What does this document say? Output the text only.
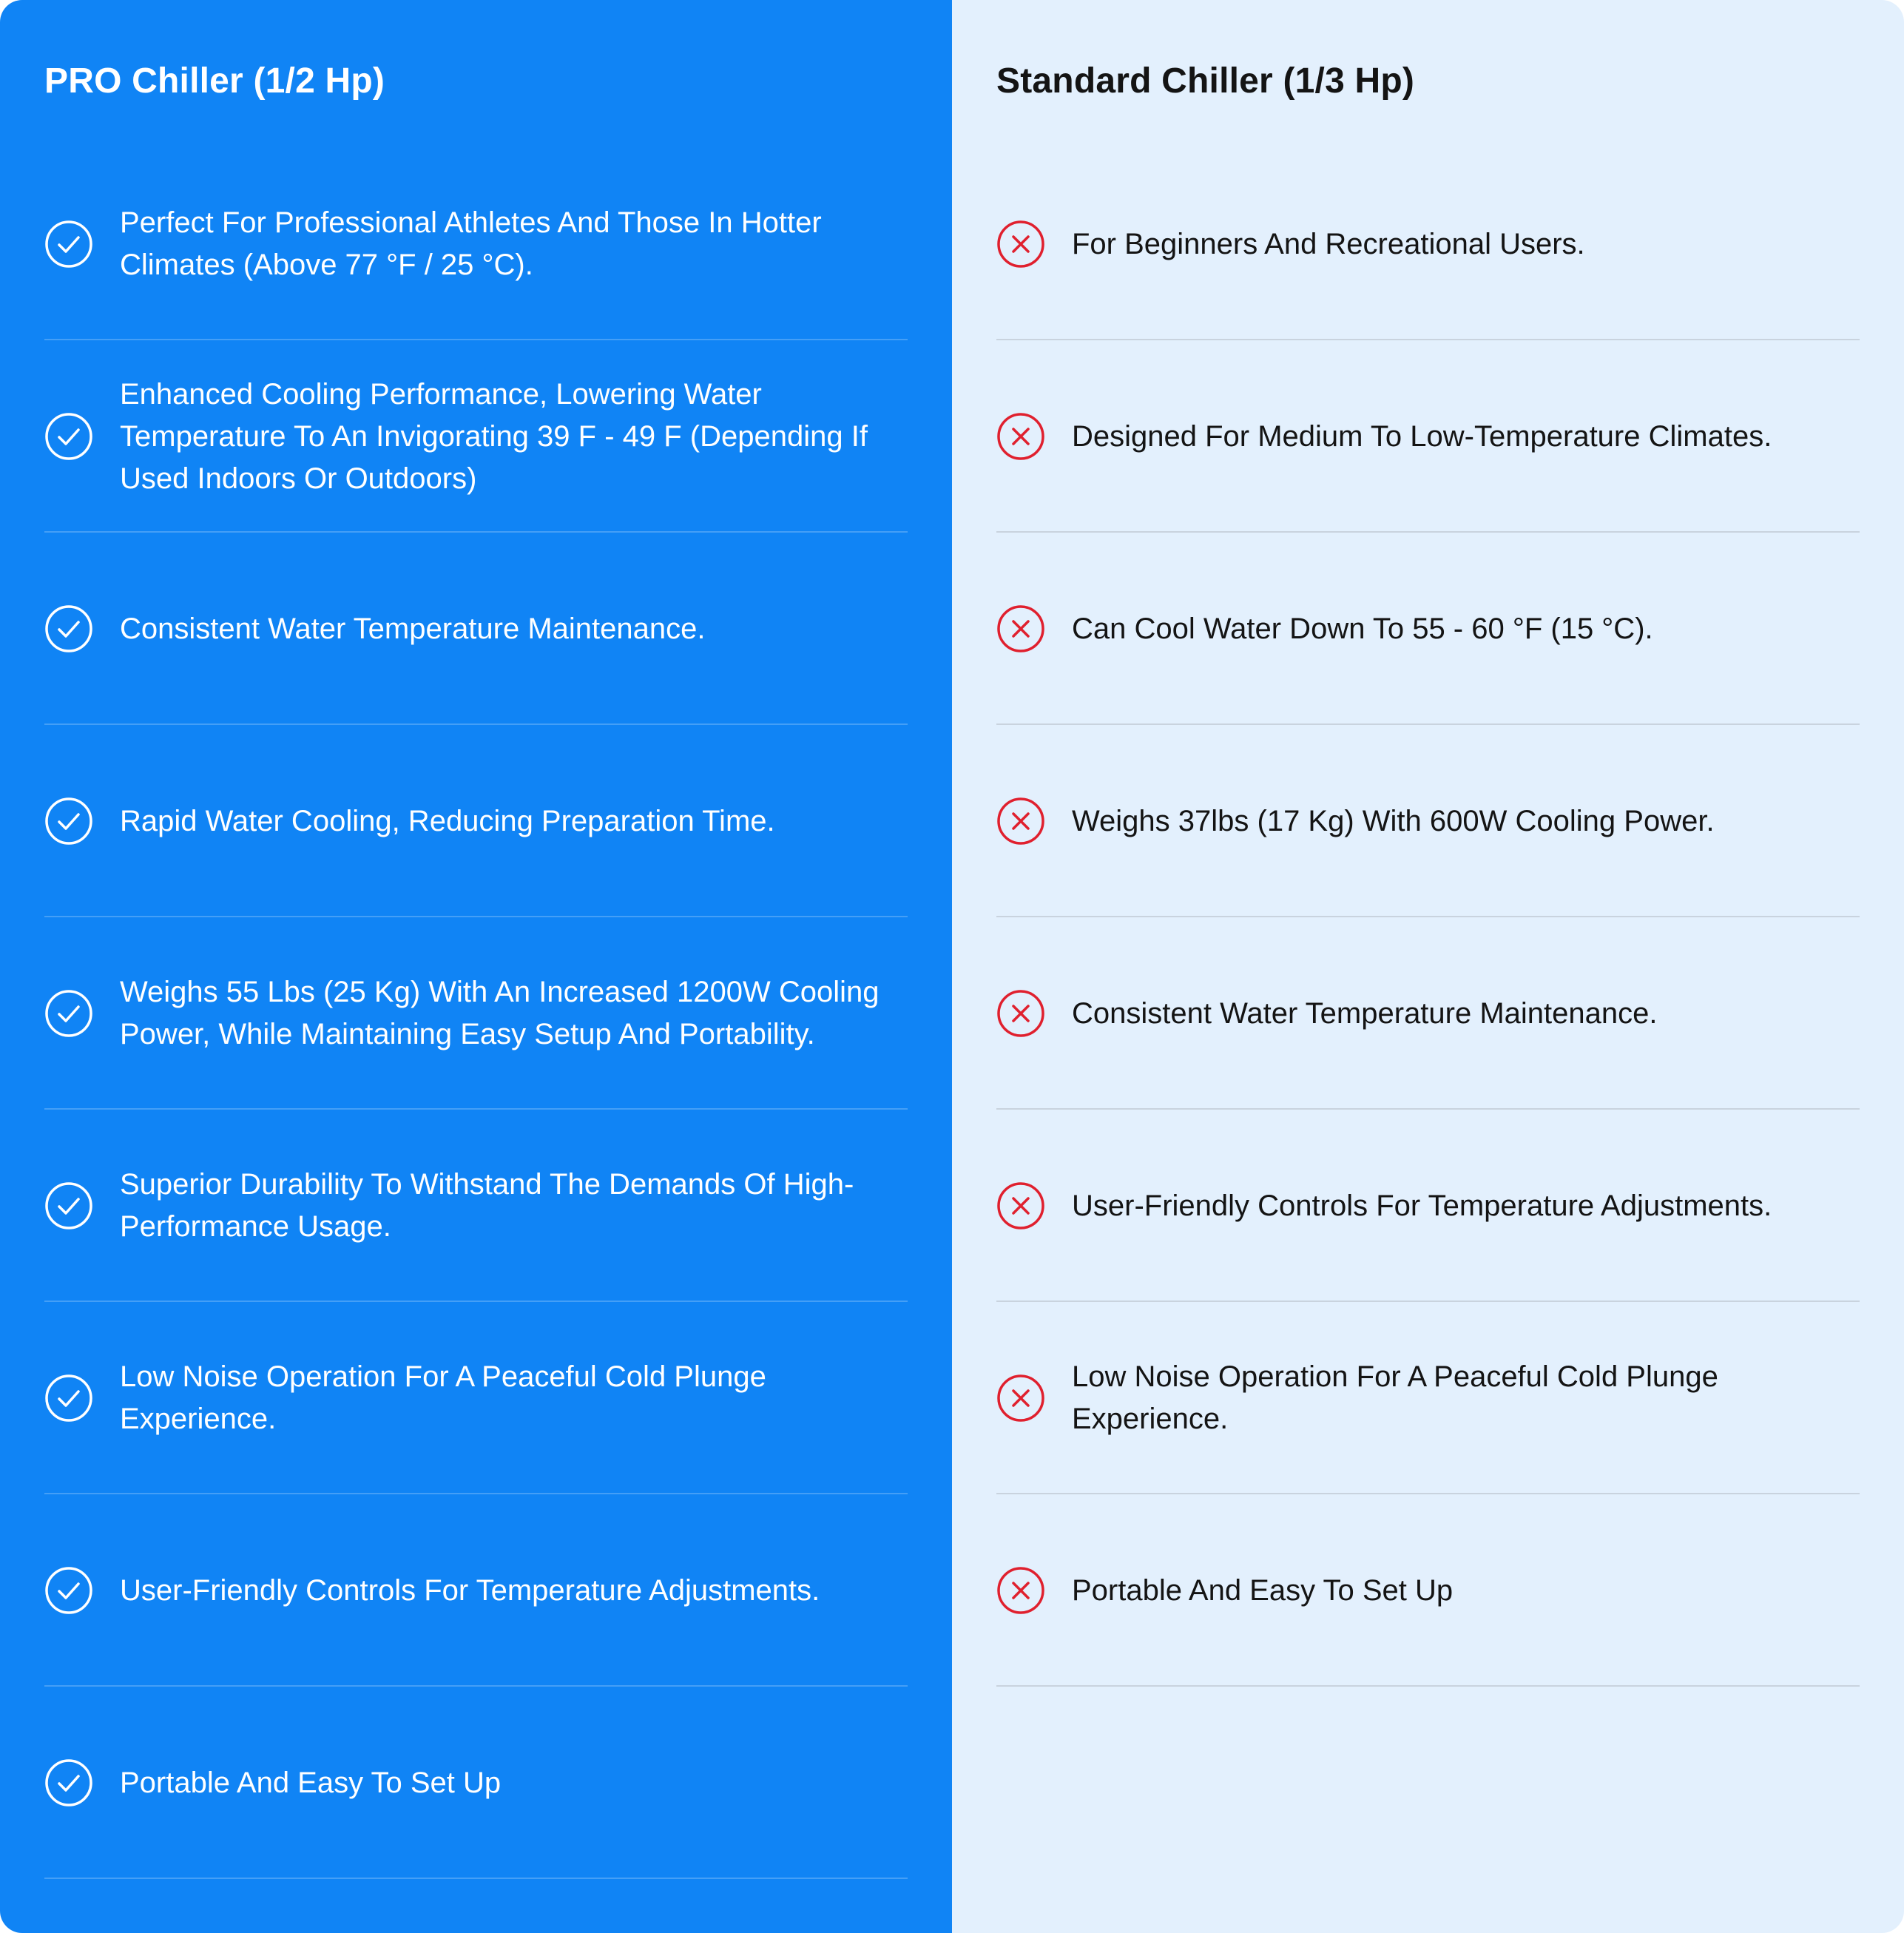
PRO Chiller (1/2 Hp)
Perfect For Professional Athletes And Those In Hotter Climates (Above 77 °F / 25 °C).
Enhanced Cooling Performance, Lowering Water Temperature To An Invigorating 39 F - 49 F (Depending If Used Indoors Or Outdoors)
Consistent Water Temperature Maintenance.
Rapid Water Cooling, Reducing Preparation Time.
Weighs 55 Lbs (25 Kg) With An Increased 1200W Cooling Power, While Maintaining Easy Setup And Portability.
Superior Durability To Withstand The Demands Of High-Performance Usage.
Low Noise Operation For A Peaceful Cold Plunge Experience.
User-Friendly Controls For Temperature Adjustments.
Portable And Easy To Set Up
Standard Chiller (1/3 Hp)
For Beginners And Recreational Users.
Designed For Medium To Low-Temperature Climates.
Can Cool Water Down To 55 - 60 °F (15 °C).
Weighs 37lbs (17 Kg) With 600W Cooling Power.
Consistent Water Temperature Maintenance.
User-Friendly Controls For Temperature Adjustments.
Low Noise Operation For A Peaceful Cold Plunge Experience.
Portable And Easy To Set Up
